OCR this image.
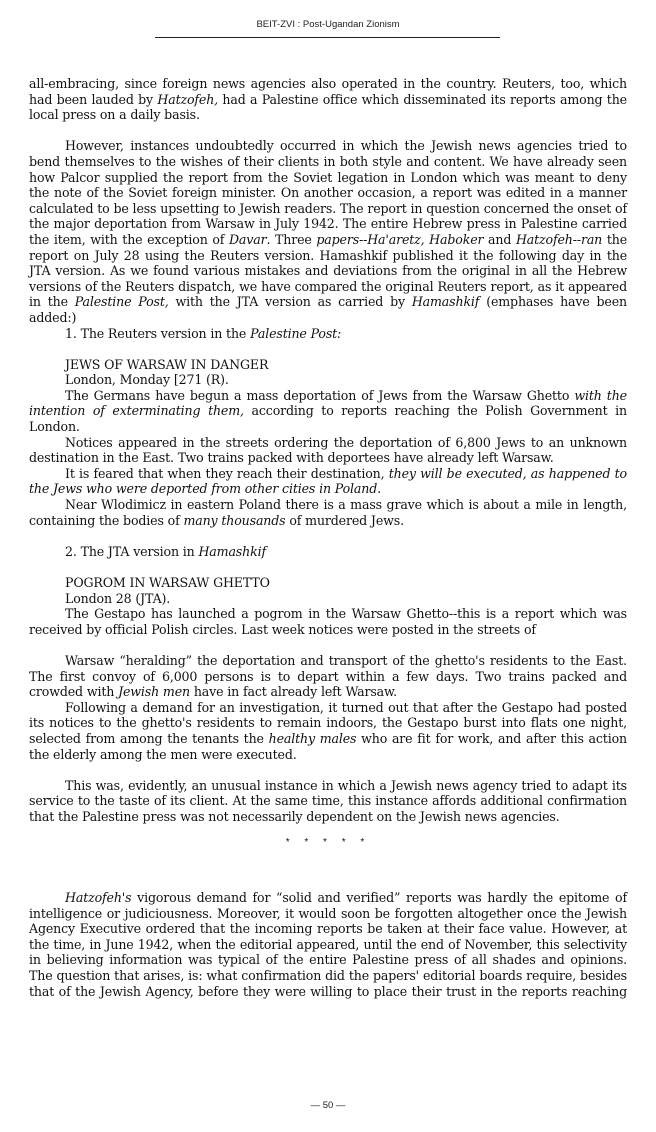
BEIT-ZVI : Post-Ugandan Zionism

all-embracing, since foreign news agencies also operated in the country. Reuters, too, which had been lauded by Hatzofeh, had a Palestine office which disseminated its reports among the local press on a daily basis.

However, instances undoubtedly occurred in which the Jewish news agencies tried to bend themselves to the wishes of their clients in both style and content. We have already seen how Palcor supplied the report from the Soviet legation in London which was meant to deny the note of the Soviet foreign minister. On another occasion, a report was edited in a manner calculated to be less upsetting to Jewish readers. The report in question concerned the onset of the major deportation from Warsaw in July 1942. The entire Hebrew press in Palestine carried the item, with the exception of Davar. Three papers--Ha'aretz, Haboker and Hatzofeh--ran the report on July 28 using the Reuters version. Hamashkif published it the following day in the JTA version. As we found various mistakes and deviations from the original in all the Hebrew versions of the Reuters dispatch, we have compared the original Reuters report, as it appeared in the Palestine Post, with the JTA version as carried by Hamashkif (emphases have been added:)

1. The Reuters version in the Palestine Post:

JEWS OF WARSAW IN DANGER

London, Monday [271 (R).

The Germans have begun a mass deportation of Jews from the Warsaw Ghetto with the intention of exterminating them, according to reports reaching the Polish Government in London.

Notices appeared in the streets ordering the deportation of 6,800 Jews to an unknown destination in the East. Two trains packed with deportees have already left Warsaw.

It is feared that when they reach their destination, they will be executed, as happened to the Jews who were deported from other cities in Poland.

Near Wlodimicz in eastern Poland there is a mass grave which is about a mile in length, containing the bodies of many thousands of murdered Jews.

2. The JTA version in Hamashkif

POGROM IN WARSAW GHETTO

London 28 (JTA).

The Gestapo has launched a pogrom in the Warsaw Ghetto--this is a report which was received by official Polish circles. Last week notices were posted in the streets of

Warsaw “heralding” the deportation and transport of the ghetto's residents to the East. The first convoy of 6,000 persons is to depart within a few days. Two trains packed and crowded with Jewish men have in fact already left Warsaw.

Following a demand for an investigation, it turned out that after the Gestapo had posted its notices to the ghetto's residents to remain indoors, the Gestapo burst into flats one night, selected from among the tenants the healthy males who are fit for work, and after this action the elderly among the men were executed.

This was, evidently, an unusual instance in which a Jewish news agency tried to adapt its service to the taste of its client. At the same time, this instance affords additional confirmation that the Palestine press was not necessarily dependent on the Jewish news agencies.

* * * * *

Hatzofeh's vigorous demand for “solid and verified” reports was hardly the epitome of intelligence or judiciousness. Moreover, it would soon be forgotten altogether once the Jewish Agency Executive ordered that the incoming reports be taken at their face value. However, at the time, in June 1942, when the editorial appeared, until the end of November, this selectivity in believing information was typical of the entire Palestine press of all shades and opinions. The question that arises, is: what confirmation did the papers' editorial boards require, besides that of the Jewish Agency, before they were willing to place their trust in the reports reaching

— 50 —
